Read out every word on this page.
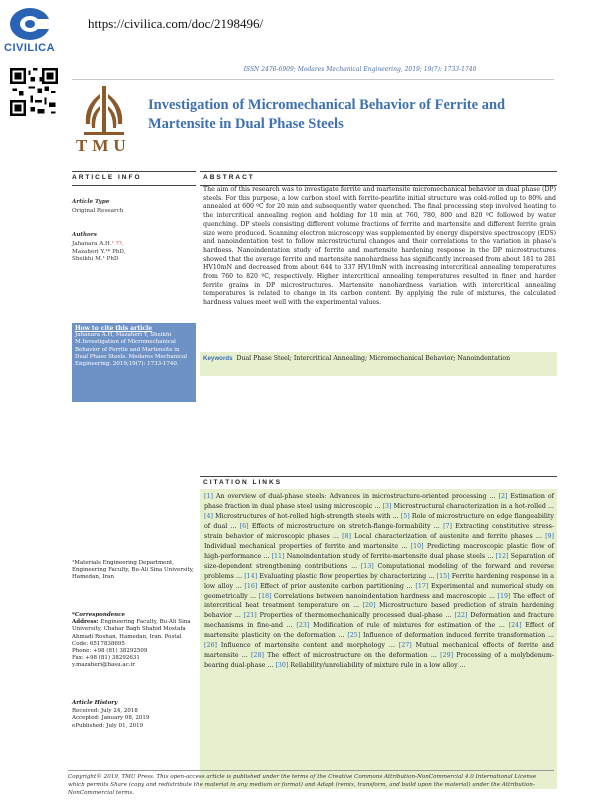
CIVILICA
https://civilica.com/doc/2198496/
ISSN 2476-6909; Modares Mechanical Engineering, 2019; 19(7): 1733-1740
TMU
Investigation of Micromechanical Behavior of Ferrite and Martensite in Dual Phase Steels
ARTICLE INFO
Article Type
Original Research
Authors
Jahanara A.H.¹ ??,
Mazaheri Y.¹* PhD,
Sheikhi M.¹ PhD
How to cite this article
Jahanara A.H, Mazaheri Y, Sheikhi M.Investigation of Micromechanical Behavior of Ferrite and Martensite in Dual Phase Steels. Modares Mechanical Engineering. 2019;19(7): 1733-1740.
ABSTRACT
The aim of this research was to investigate ferrite and martensite micromechanical behavior in dual phase (DP) steels. For this purpose, a low carbon steel with ferrite-pearlite initial structure was cold-rolled up to 80% and annealed at 600 ºC for 20 min and subsequently water quenched. The final processing step involved heating to the intercritical annealing region and holding for 10 min at 760, 780, 800 and 820 ºC followed by water quenching. DP steels consisting different volume fractions of ferrite and martensite and different ferrite grain size were produced. Scanning electron microscopy was supplemented by energy dispersive spectroscopy (EDS) and nanoindentation test to follow microstructural changes and their correlations to the variation in phase's hardness. Nanoindentation study of ferrite and martensite hardening response in the DP microstructures showed that the average ferrite and martensite nanohardness has significantly increased from about 181 to 281 HV10mN and decreased from about 644 to 337 HV10mN with increasing intercritical annealing temperatures from 760 to 820 ºC, respectively. Higher intercritical annealing temperatures resulted in finer and harder ferrite grains in DP microstructures. Martensite nanohardness variation with intercritical annealing temperatures is related to change in its carbon content. By applying the rule of mixtures, the calculated hardness values meet well with the experimental values.
Keywords Dual Phase Steel; Intercritical Annealing; Micromechanical Behavior; Nanoindentation
CITATION LINKS
[1] An overview of dual-phase steels: Advances in microstructure-oriented processing ... [2] Estimation of phase fraction in dual phase steel using microscopic ... [3] Microstructural characterization in a hot-rolled ... [4] Microstructures of hot-rolled high-strength steels with ... [5] Role of microstructure on edge flangeability of dual ... [6] Effects of microstructure on stretch-flange-formability ... [7] Extracting constitutive stress-strain behavior of microscopic phases ... [8] Local characterization of austenite and ferrite phases ... [9] Individual mechanical properties of ferrite and martensite ... [10] Predicting macroscopic plastic flow of high-performance ... [11] Nanoindentation study of ferrite-martensite dual phase steels ... [12] Separation of size-dependent strengthening contributions ... [13] Computational modeling of the forward and reverse problems ... [14] Evaluating plastic flow properties by characterizing ... [15] Ferrite hardening response in a low alloy ... [16] Effect of prior austenite carbon partitioning ... [17] Experimental and numerical study on geometrically ... [18] Correlations between nanoindentation hardness and macroscopic ... [19] The effect of intercritical heat treatment temperature on ... [20] Microstructure based prediction of strain hardening behavior ... [21] Properties of thermomechanically processed dual-phase ... [22] Deformation and fracture mechanisms in fine-and ... [23] Modification of rule of mixtures for estimation of the ... [24] Effect of martensite plasticity on the deformation ... [25] Influence of deformation induced ferrite transformation ... [26] Influence of martensite content and morphology ... [27] Mutual mechanical effects of ferrite and martensite ... [28] The effect of microstructure on the deformation ... [29] Processing of a molybdenum-bearing dual-phase ... [30] Reliability/unreliability of mixture rule in a low alloy ...
¹Materials Engineering Department, Engineering Faculty, Bu-Ali Sina University, Hamedan, Iran
*Correspondence
Address: Engineering Faculty, Bu-Ali Sina University, Chahar Bagh Shahid Mostafa Ahmadi Roshan, Hamedan, Iran. Postal Code: 6517838695
Phone: +98 (81) 38292509
Fax: +98 (81) 38292631
y.mazaheri@basu.ac.ir
Article History
Received: July 24, 2018
Accepted: January 08, 2019
ePublished: July 01, 2019
Copyright© 2019, TMU Press. This open-access article is published under the terms of the Creative Commons Attribution-NonCommercial 4.0 International License which permits Share (copy and redistribute the material in any medium or format) and Adapt (remix, transform, and build upon the material) under the Attribution-NonCommercial terms.
